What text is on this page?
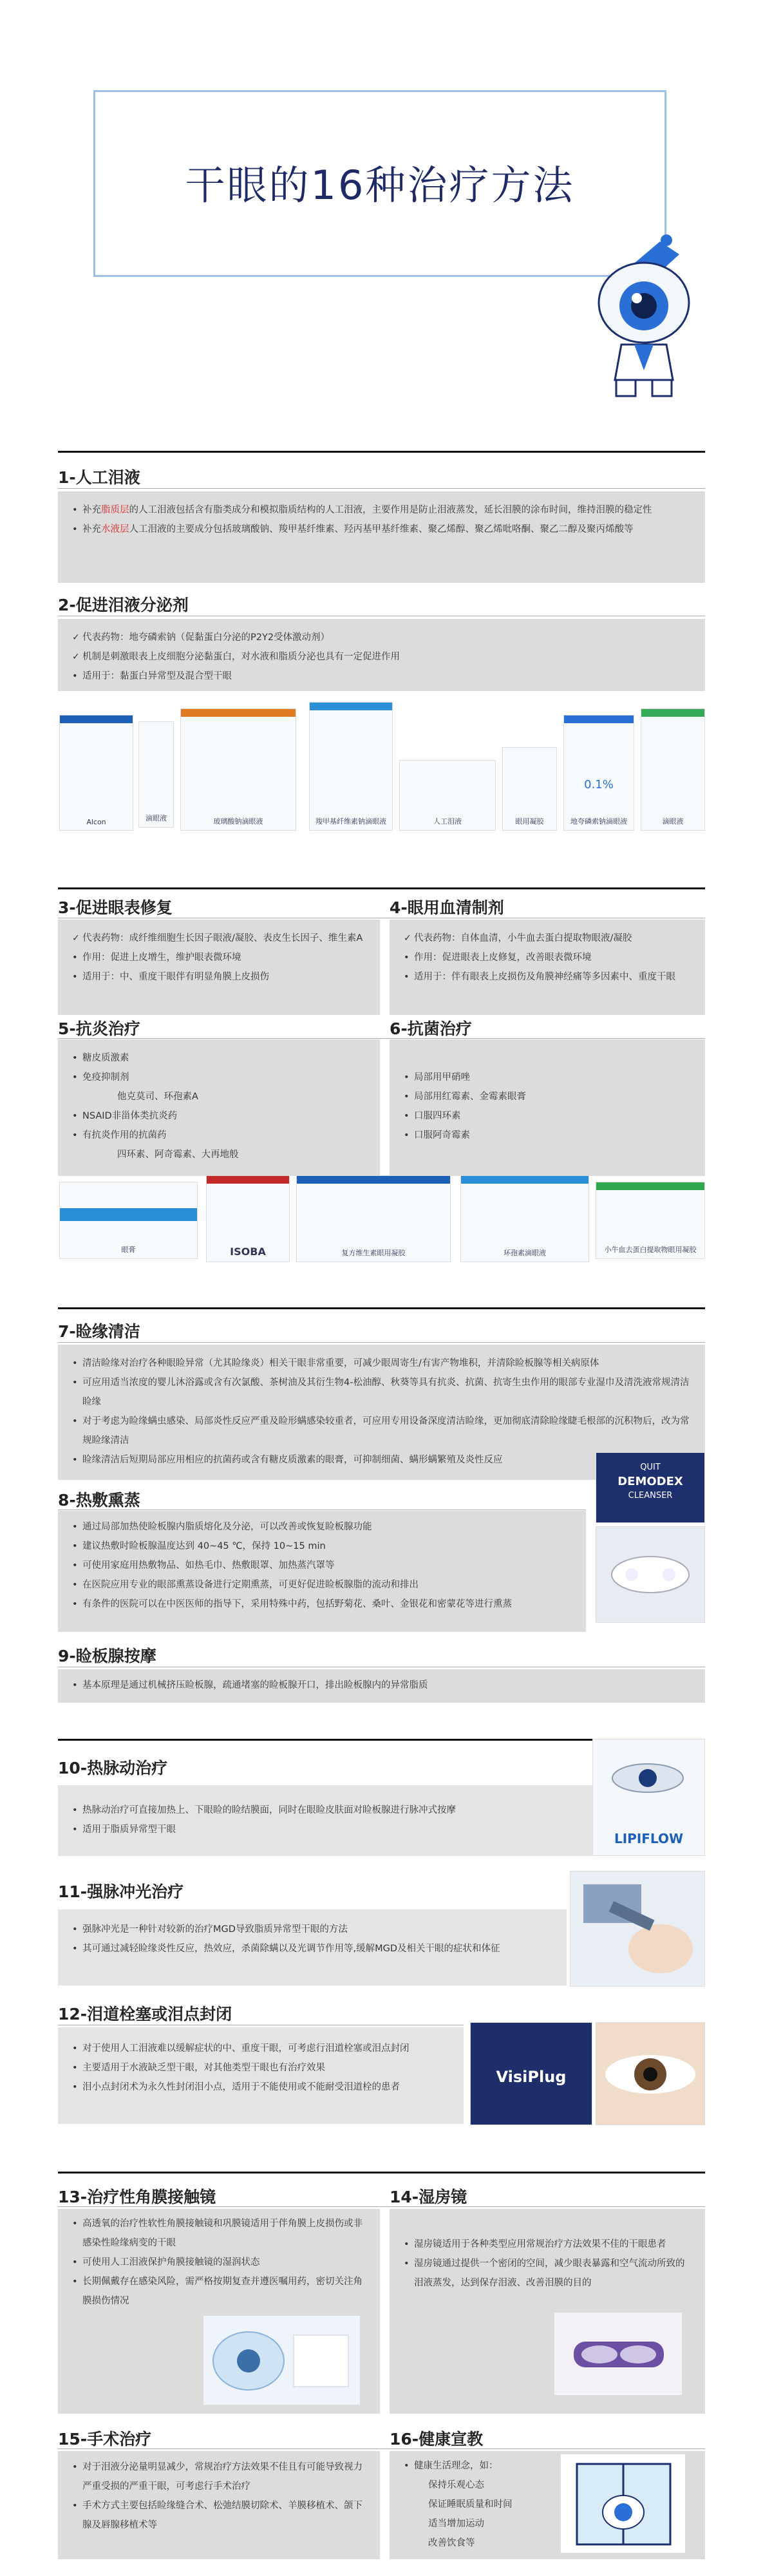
干眼的16种治疗方法
1-人工泪液
• 补充脂质层的人工泪液包括含有脂类成分和模拟脂质结构的人工泪液，主要作用是防止泪液蒸发，延长泪膜的涂布时间，维持泪膜的稳定性
• 补充水液层人工泪液的主要成分包括玻璃酸钠、羧甲基纤维素、羟丙基甲基纤维素、聚乙烯醇、聚乙烯吡咯酮、聚乙二醇及聚丙烯酸等
2-促进泪液分泌剂
✓ 代表药物：地夸磷索钠（促黏蛋白分泌的P2Y2受体激动剂）
✓ 机制是刺激眼表上皮细胞分泌黏蛋白，对水液和脂质分泌也具有一定促进作用
• 适用于：黏蛋白异常型及混合型干眼
Alcon	滴眼液	玻璃酸钠滴眼液	羧甲基纤维素钠滴眼液	人工泪液	眼用凝胶	地夸磷索钠滴眼液
0.1%
滴眼液
3-促进眼表修复	4-眼用血清制剂
✓ 代表药物：成纤维细胞生长因子眼液/凝胶、表皮生长因子、维生素A
• 作用：促进上皮增生，维护眼表微环境
• 适用于：中、重度干眼伴有明显角膜上皮损伤
✓ 代表药物：自体血清，小牛血去蛋白提取物眼液/凝胶
• 作用：促进眼表上皮修复，改善眼表微环境
• 适用于：伴有眼表上皮损伤及角膜神经痛等多因素中、重度干眼
5-抗炎治疗	6-抗菌治疗
• 糖皮质激素
• 免疫抑制剂
他克莫司、环孢素A
• NSAID非甾体类抗炎药
• 有抗炎作用的抗菌药
四环素、阿奇霉素、大再地般
• 局部用甲硝唑
• 局部用红霉素、金霉素眼膏
• 口服四环素
• 口服阿奇霉素
眼膏	ISOBA	复方维生素眼用凝胶	环孢素滴眼液	小牛血去蛋白提取物眼用凝胶
7-睑缘清洁
• 清洁睑缘对治疗各种眼睑异常（尤其睑缘炎）相关干眼非常重要，可减少眼周寄生/有害产物堆积，并清除睑板腺等相关病原体
• 可应用适当浓度的婴儿沐浴露或含有次氯酸、茶树油及其衍生物4-松油醇、秋葵等具有抗炎、抗菌、抗寄生虫作用的眼部专业湿巾及清洗液常规清洁睑缘
• 对于考虑为睑缘螨虫感染、局部炎性反应严重及睑形螨感染较重者，可应用专用设备深度清洁睑缘，更加彻底清除睑缘睫毛根部的沉积物后，改为常规睑缘清洁
• 睑缘清洁后短期局部应用相应的抗菌药或含有糖皮质激素的眼膏，可抑制细菌、螨形螨繁殖及炎性反应
8-热敷熏蒸
• 通过局部加热使睑板腺内脂质熔化及分泌，可以改善或恢复睑板腺功能
• 建议热敷时睑板腺温度达到 40~45 ℃，保持 10~15 min
• 可使用家庭用热敷物品、如热毛巾、热敷眼罩、加热蒸汽罩等
• 在医院应用专业的眼部熏蒸设备进行定期熏蒸，可更好促进睑板腺脂的流动和排出
• 有条件的医院可以在中医医师的指导下，采用特殊中药，包括野菊花、桑叶、金银花和密蒙花等进行熏蒸
QUIT
DEMODEX
CLEANSER
9-睑板腺按摩
• 基本原理是通过机械挤压睑板腺，疏通堵塞的睑板腺开口，排出睑板腺内的异常脂质
10-热脉动治疗
• 热脉动治疗可直接加热上、下眼睑的睑结膜面，同时在眼睑皮肤面对睑板腺进行脉冲式按摩
• 适用于脂质异常型干眼
LIPIFLOW
11-强脉冲光治疗
• 强脉冲光是一种针对较新的治疗MGD导致脂质异常型干眼的方法
• 其可通过减轻睑缘炎性反应，热效应，杀菌除螨以及光调节作用等,缓解MGD及相关干眼的症状和体征
12-泪道栓塞或泪点封闭
• 对于使用人工泪液难以缓解症状的中、重度干眼，可考虑行泪道栓塞或泪点封闭
• 主要适用于水液缺乏型干眼，对其他类型干眼也有治疗效果
• 泪小点封闭术为永久性封闭泪小点，适用于不能使用或不能耐受泪道栓的患者
VisiPlug
13-治疗性角膜接触镜	14-湿房镜
• 高透氧的治疗性软性角膜接触镜和巩膜镜适用于伴角膜上皮损伤或非感染性睑缘病变的干眼
• 可使用人工泪液保护角膜接触镜的湿润状态
• 长期佩戴存在感染风险，需严格按期复查并遵医嘱用药，密切关注角膜损伤情况
• 湿房镜适用于各种类型应用常规治疗方法效果不佳的干眼患者
• 湿房镜通过提供一个密闭的空间，减少眼表暴露和空气流动所致的泪液蒸发，达到保存泪液、改善泪膜的目的
15-手术治疗	16-健康宣教
• 对于泪液分泌量明显减少，常规治疗方法效果不佳且有可能导致视力严重受损的严重干眼，可考虑行手术治疗
• 手术方式主要包括睑缘缝合术、松弛结膜切除术、羊膜移植术、颌下腺及唇腺移植术等
• 健康生活理念，如：
保持乐观心态
保证睡眠质量和时间
适当增加运动
改善饮食等
